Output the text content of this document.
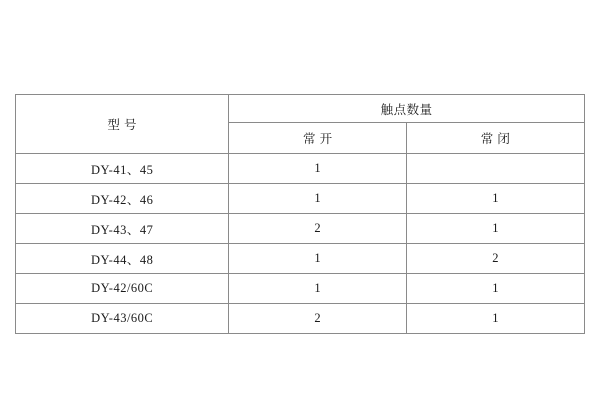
型 号	触点数量	
	常 开	常 闭
DY-41、45	1	
DY-42、46	1	1
DY-43、47	2	1
DY-44、48	1	2
DY-42/60C	1	1
DY-43/60C	2	1
